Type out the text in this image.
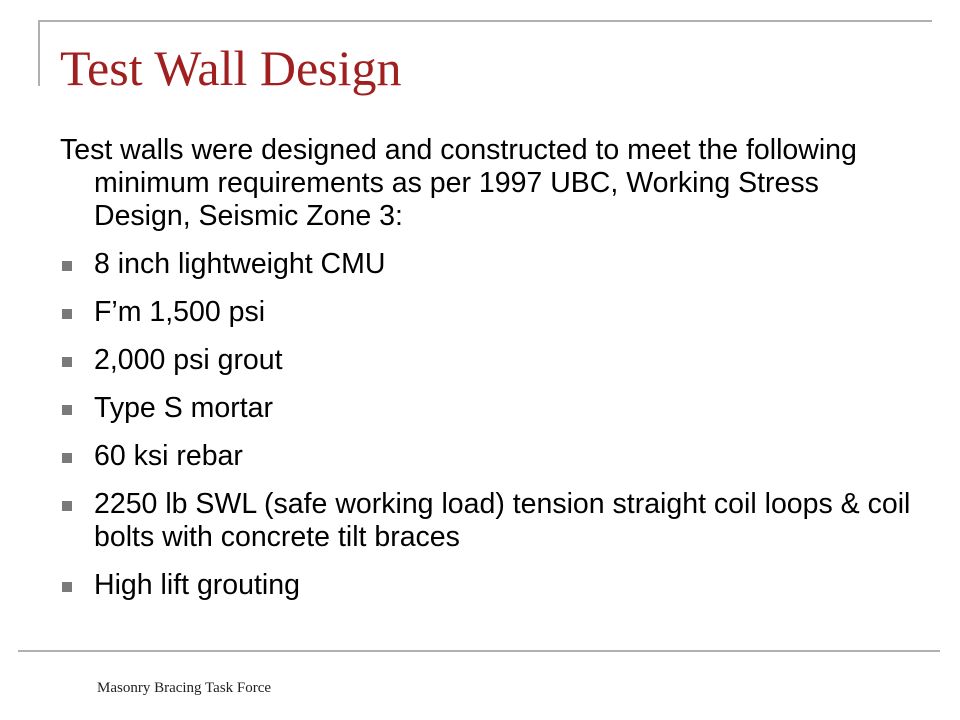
Test Wall Design

Test walls were designed and constructed to meet the following minimum requirements as per 1997 UBC, Working Stress Design, Seismic Zone 3:

8 inch lightweight CMU
F’m 1,500 psi
2,000 psi grout
Type S mortar
60 ksi rebar
2250 lb SWL (safe working load) tension straight coil loops & coil bolts with concrete tilt braces
High lift grouting
Masonry Bracing Task Force
